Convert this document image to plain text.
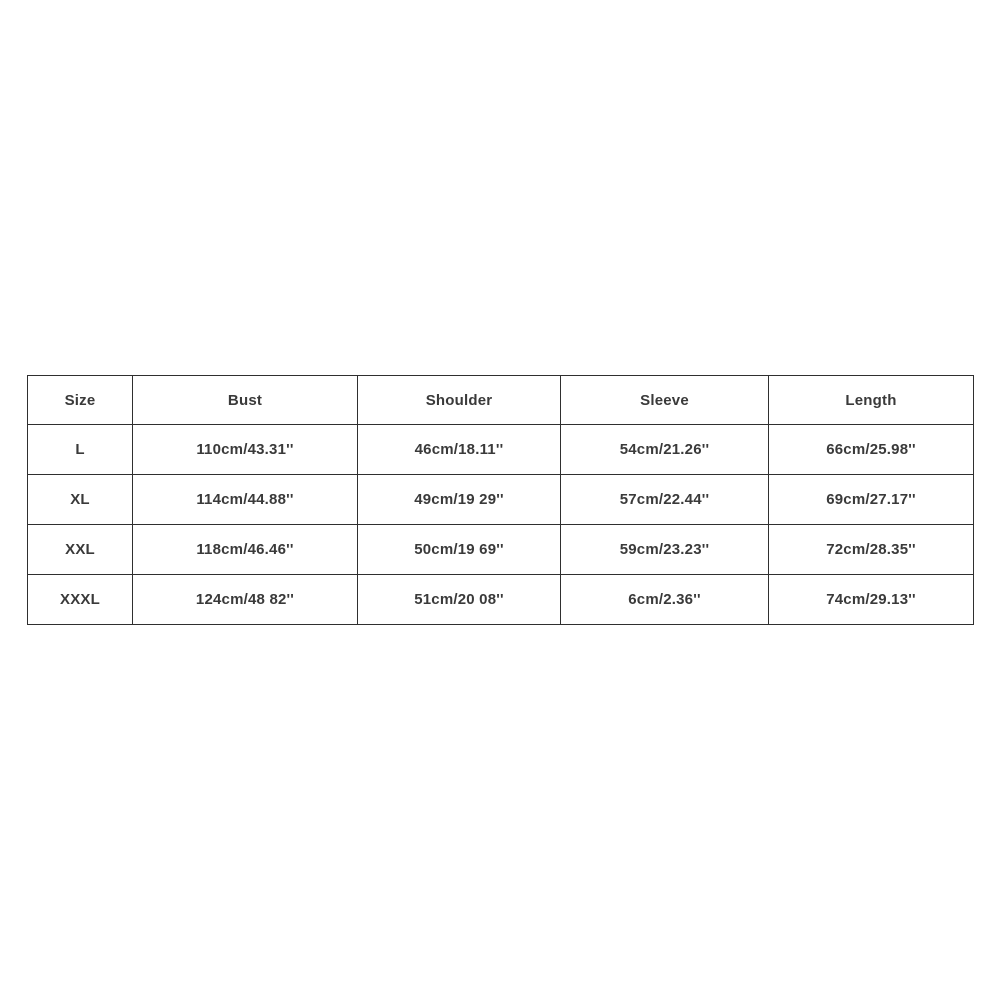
Size	Bust	Shoulder	Sleeve	Length
L	110cm/43.31''	46cm/18.11''	54cm/21.26''	66cm/25.98''
XL	114cm/44.88''	49cm/19 29''	57cm/22.44''	69cm/27.17''
XXL	118cm/46.46''	50cm/19 69''	59cm/23.23''	72cm/28.35''
XXXL	124cm/48 82''	51cm/20 08''	6cm/2.36''	74cm/29.13''
